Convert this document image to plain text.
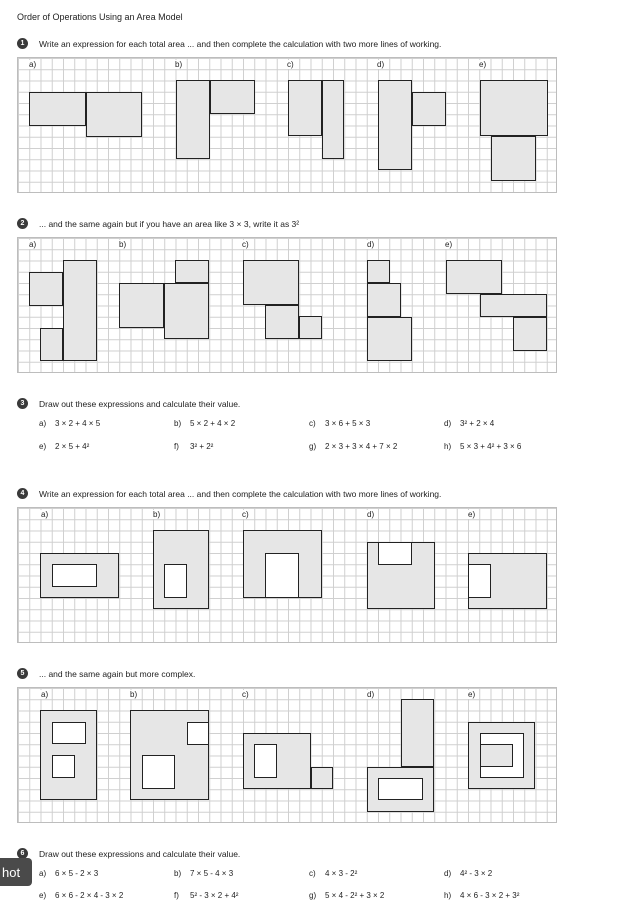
Order of Operations Using an Area Model
1	Write an expression for each total area ... and then complete the calculation with two more lines of working.
a)	b)	c)	d)	e)
2	... and the same again but if you have an area like 3 × 3, write it as 3²
a)	b)	c)	d)	e)
3	Draw out these expressions and calculate their value.
a) 3 × 2 + 4 × 5	b) 5 × 2 + 4 × 2	c) 3 × 6 + 5 × 3	d) 3² + 2 × 4
e) 2 × 5 + 4²	f) 3² + 2²	g) 2 × 3 + 3 × 4 + 7 × 2	h) 5 × 3 + 4² + 3 × 6
4	Write an expression for each total area ... and then complete the calculation with two more lines of working.
a)	b)	c)	d)	e)
5	... and the same again but more complex.
a)	b)	c)	d)	e)
6	Draw out these expressions and calculate their value.
a) 6 × 5 - 2 × 3	b) 7 × 5 - 4 × 3	c) 4 × 3 - 2²	d) 4² - 3 × 2
e) 6 × 6 - 2 × 4 - 3 × 2	f) 5² - 3 × 2 + 4²	g) 5 × 4 - 2² + 3 × 2	h) 4 × 6 - 3 × 2 + 3²
hot
